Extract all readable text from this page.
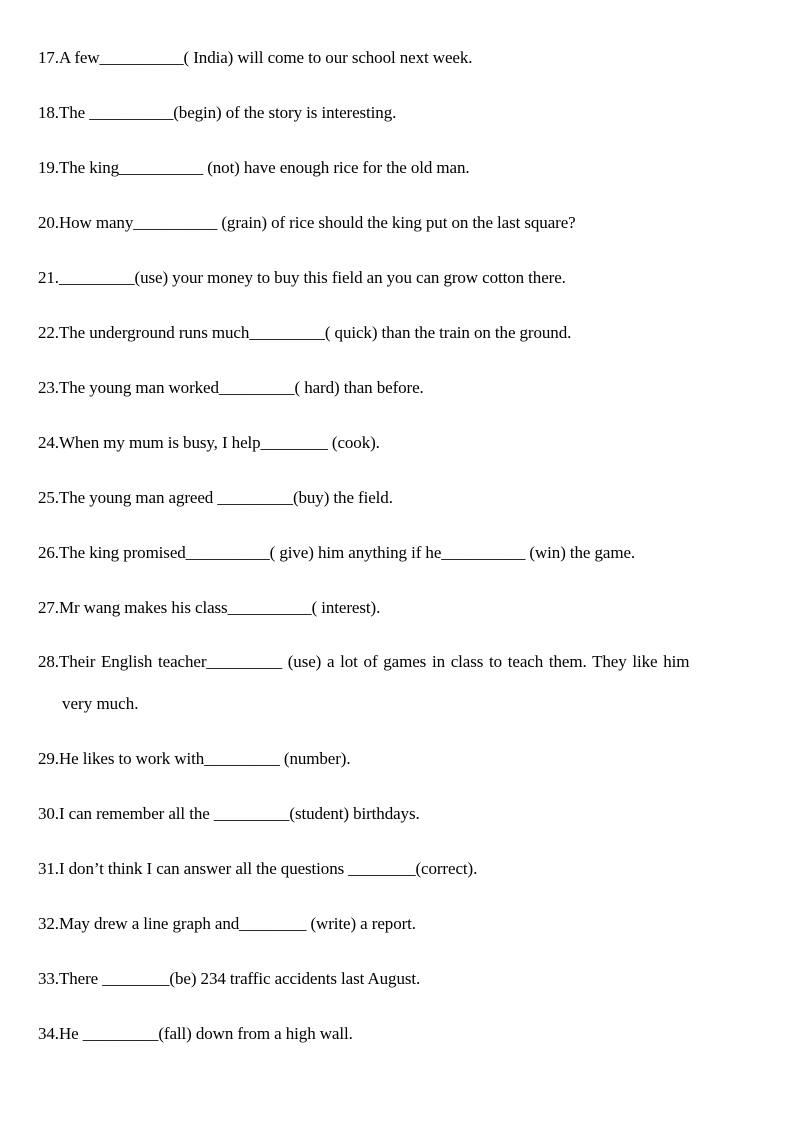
17.A few__________( India) will come to our school next week.
18.The __________(begin) of the story is interesting.
19.The king__________ (not) have enough rice for the old man.
20.How many__________ (grain) of rice should the king put on the last square?
21._________(use) your money to buy this field an you can grow cotton there.
22.The underground runs much_________( quick) than the train on the ground.
23.The young man worked_________( hard) than before.
24.When my mum is busy, I help________ (cook).
25.The young man agreed _________(buy) the field.
26.The king promised__________( give) him anything if he__________ (win) the game.
27.Mr wang makes his class__________( interest).
28.Their English teacher_________ (use) a lot of games in class to teach them. They like him
very much.
29.He likes to work with_________ (number).
30.I can remember all the _________(student) birthdays.
31.I don’t think I can answer all the questions ________(correct).
32.May drew a line graph and________ (write) a report.
33.There ________(be) 234 traffic accidents last August.
34.He _________(fall) down from a high wall.
